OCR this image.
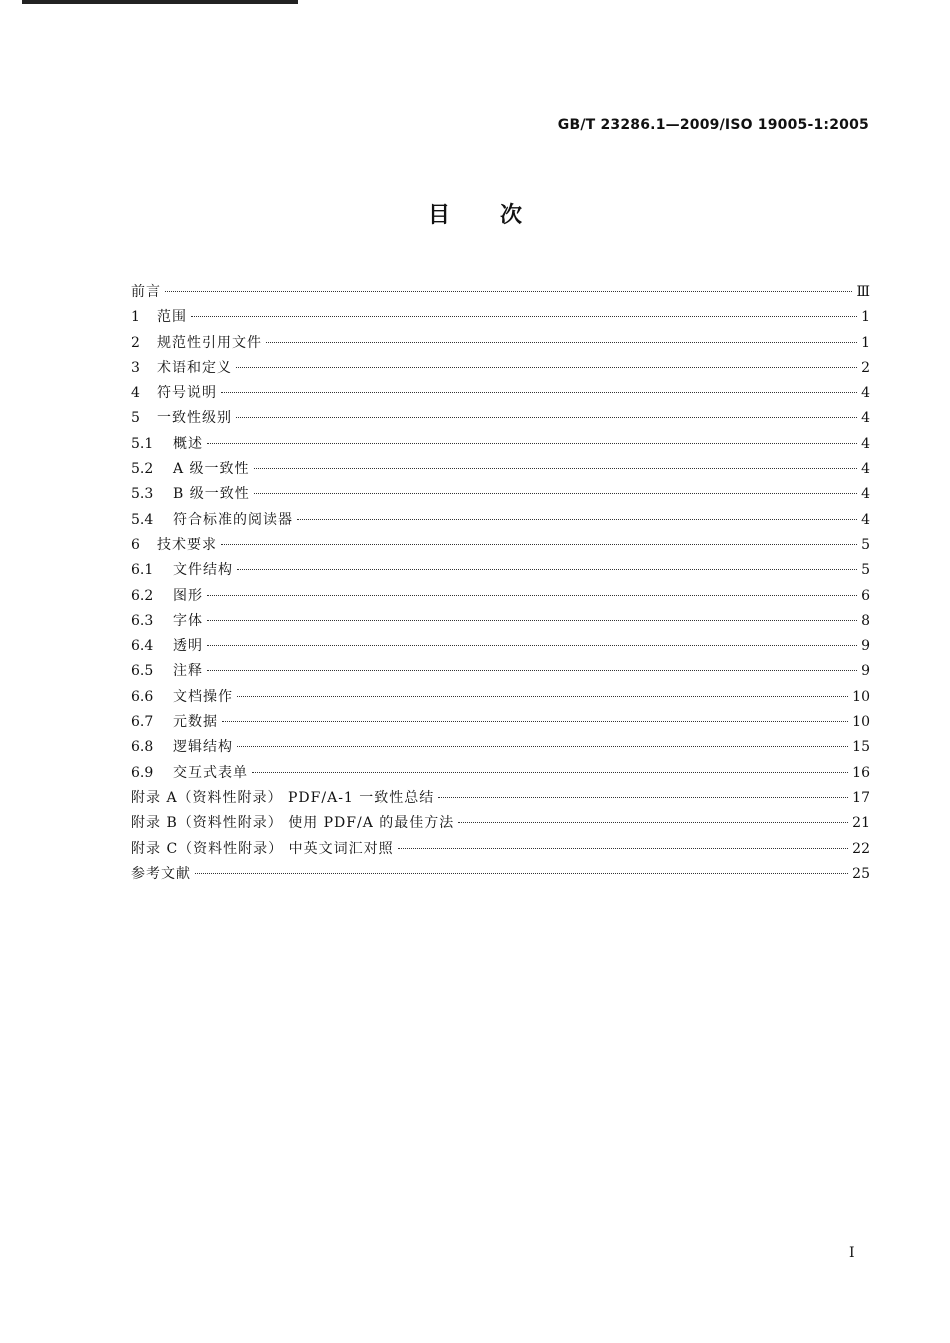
GB/T 23286.1—2009/ISO 19005-1:2005
目次
前言	Ⅲ
1	范围	1
2	规范性引用文件	1
3	术语和定义	2
4	符号说明	4
5	一致性级别	4
5.1	概述	4
5.2	A 级一致性	4
5.3	B 级一致性	4
5.4	符合标准的阅读器	4
6	技术要求	5
6.1	文件结构	5
6.2	图形	6
6.3	字体	8
6.4	透明	9
6.5	注释	9
6.6	文档操作	10
6.7	元数据	10
6.8	逻辑结构	15
6.9	交互式表单	16
附录 A（资料性附录） PDF/A-1 一致性总结	17
附录 B（资料性附录） 使用 PDF/A 的最佳方法	21
附录 C（资料性附录） 中英文词汇对照	22
参考文献	25
I
